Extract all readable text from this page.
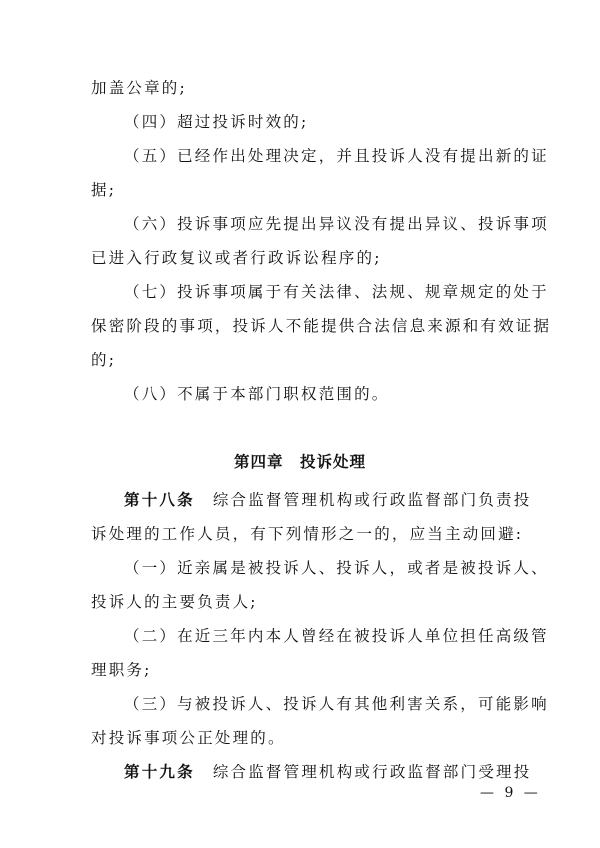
加盖公章的;
（四）超过投诉时效的;
（五）已经作出处理决定，并且投诉人没有提出新的证
据;
（六）投诉事项应先提出异议没有提出异议、投诉事项
已进入行政复议或者行政诉讼程序的;
（七）投诉事项属于有关法律、法规、规章规定的处于
保密阶段的事项，投诉人不能提供合法信息来源和有效证据
的;
（八）不属于本部门职权范围的。
第四章　投诉处理
第十八条 综合监督管理机构或行政监督部门负责投
诉处理的工作人员，有下列情形之一的，应当主动回避:
（一）近亲属是被投诉人、投诉人，或者是被投诉人、
投诉人的主要负责人;
（二）在近三年内本人曾经在被投诉人单位担任高级管
理职务;
（三）与被投诉人、投诉人有其他利害关系，可能影响
对投诉事项公正处理的。
第十九条 综合监督管理机构或行政监督部门受理投
— 9 —
